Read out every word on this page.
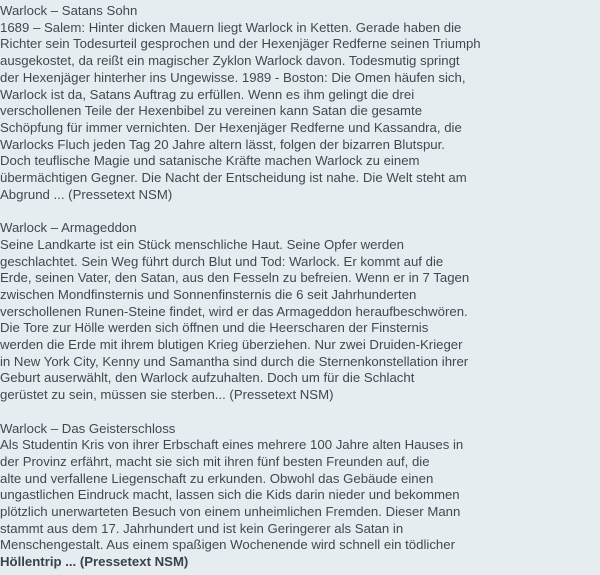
Warlock – Satans Sohn
1689 – Salem: Hinter dicken Mauern liegt Warlock in Ketten. Gerade haben die
Richter sein Todesurteil gesprochen und der Hexenjäger Redferne seinen Triumph
ausgekostet, da reißt ein magischer Zyklon Warlock davon. Todesmutig springt
der Hexenjäger hinterher ins Ungewisse. 1989 - Boston: Die Omen häufen sich,
Warlock ist da, Satans Auftrag zu erfüllen. Wenn es ihm gelingt die drei
verschollenen Teile der Hexenbibel zu vereinen kann Satan die gesamte
Schöpfung für immer vernichten. Der Hexenjäger Redferne und Kassandra, die
Warlocks Fluch jeden Tag 20 Jahre altern lässt, folgen der bizarren Blutspur.
Doch teuflische Magie und satanische Kräfte machen Warlock zu einem
übermächtigen Gegner. Die Nacht der Entscheidung ist nahe. Die Welt steht am
Abgrund ... (Pressetext NSM)
Warlock – Armageddon
Seine Landkarte ist ein Stück menschliche Haut. Seine Opfer werden
geschlachtet. Sein Weg führt durch Blut und Tod: Warlock. Er kommt auf die
Erde, seinen Vater, den Satan, aus den Fesseln zu befreien. Wenn er in 7 Tagen
zwischen Mondfinsternis und Sonnenfinsternis die 6 seit Jahrhunderten
verschollenen Runen-Steine findet, wird er das Armageddon heraufbeschwören.
Die Tore zur Hölle werden sich öffnen und die Heerscharen der Finsternis
werden die Erde mit ihrem blutigen Krieg überziehen. Nur zwei Druiden-Krieger
in New York City, Kenny und Samantha sind durch die Sternenkonstellation ihrer
Geburt auserwählt, den Warlock aufzuhalten. Doch um für die Schlacht
gerüstet zu sein, müssen sie sterben... (Pressetext NSM)
Warlock – Das Geisterschloss
Als Studentin Kris von ihrer Erbschaft eines mehrere 100 Jahre alten Hauses in
der Provinz erfährt, macht sie sich mit ihren fünf besten Freunden auf, die
alte und verfallene Liegenschaft zu erkunden. Obwohl das Gebäude einen
ungastlichen Eindruck macht, lassen sich die Kids darin nieder und bekommen
plötzlich unerwarteten Besuch von einem unheimlichen Fremden. Dieser Mann
stammt aus dem 17. Jahrhundert und ist kein Geringerer als Satan in
Menschengestalt. Aus einem spaßigen Wochenende wird schnell ein tödlicher
Höllentrip ... (Pressetext NSM)
